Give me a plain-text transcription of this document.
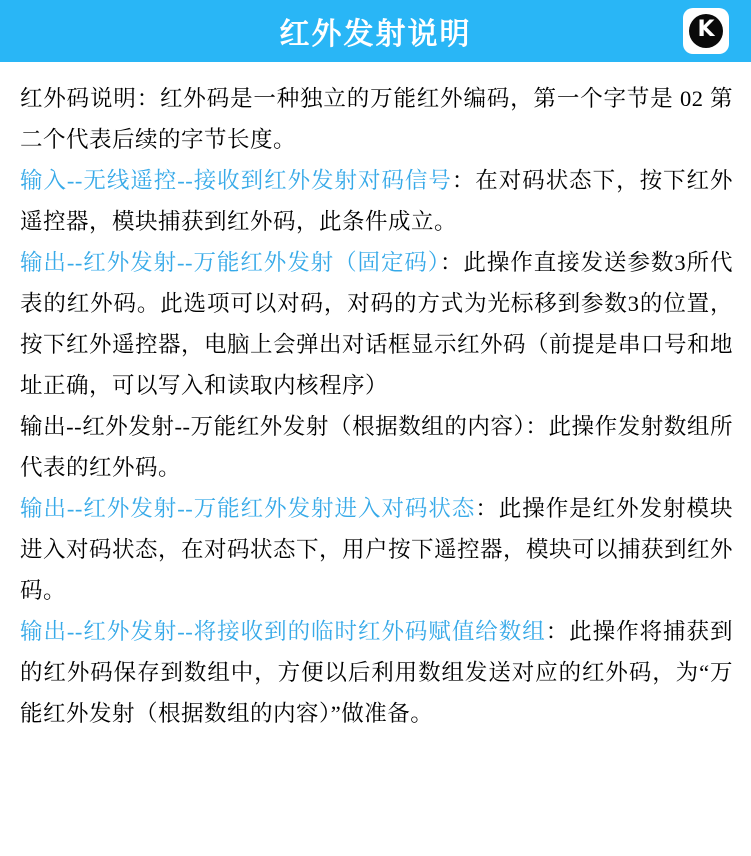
红外发射说明	K

红外码说明：红外码是一种独立的万能红外编码，第一个字节是 02 第二个代表后续的字节长度。

输入--无线遥控--接收到红外发射对码信号：在对码状态下，按下红外遥控器，模块捕获到红外码，此条件成立。

输出--红外发射--万能红外发射（固定码）：此操作直接发送参数3所代表的红外码。此选项可以对码，对码的方式为光标移到参数3的位置，按下红外遥控器，电脑上会弹出对话框显示红外码（前提是串口号和地址正确，可以写入和读取内核程序）

输出--红外发射--万能红外发射（根据数组的内容）：此操作发射数组所代表的红外码。

输出--红外发射--万能红外发射进入对码状态：此操作是红外发射模块进入对码状态，在对码状态下，用户按下遥控器，模块可以捕获到红外码。

输出--红外发射--将接收到的临时红外码赋值给数组：此操作将捕获到的红外码保存到数组中，方便以后利用数组发送对应的红外码，为“万能红外发射（根据数组的内容）”做准备。
